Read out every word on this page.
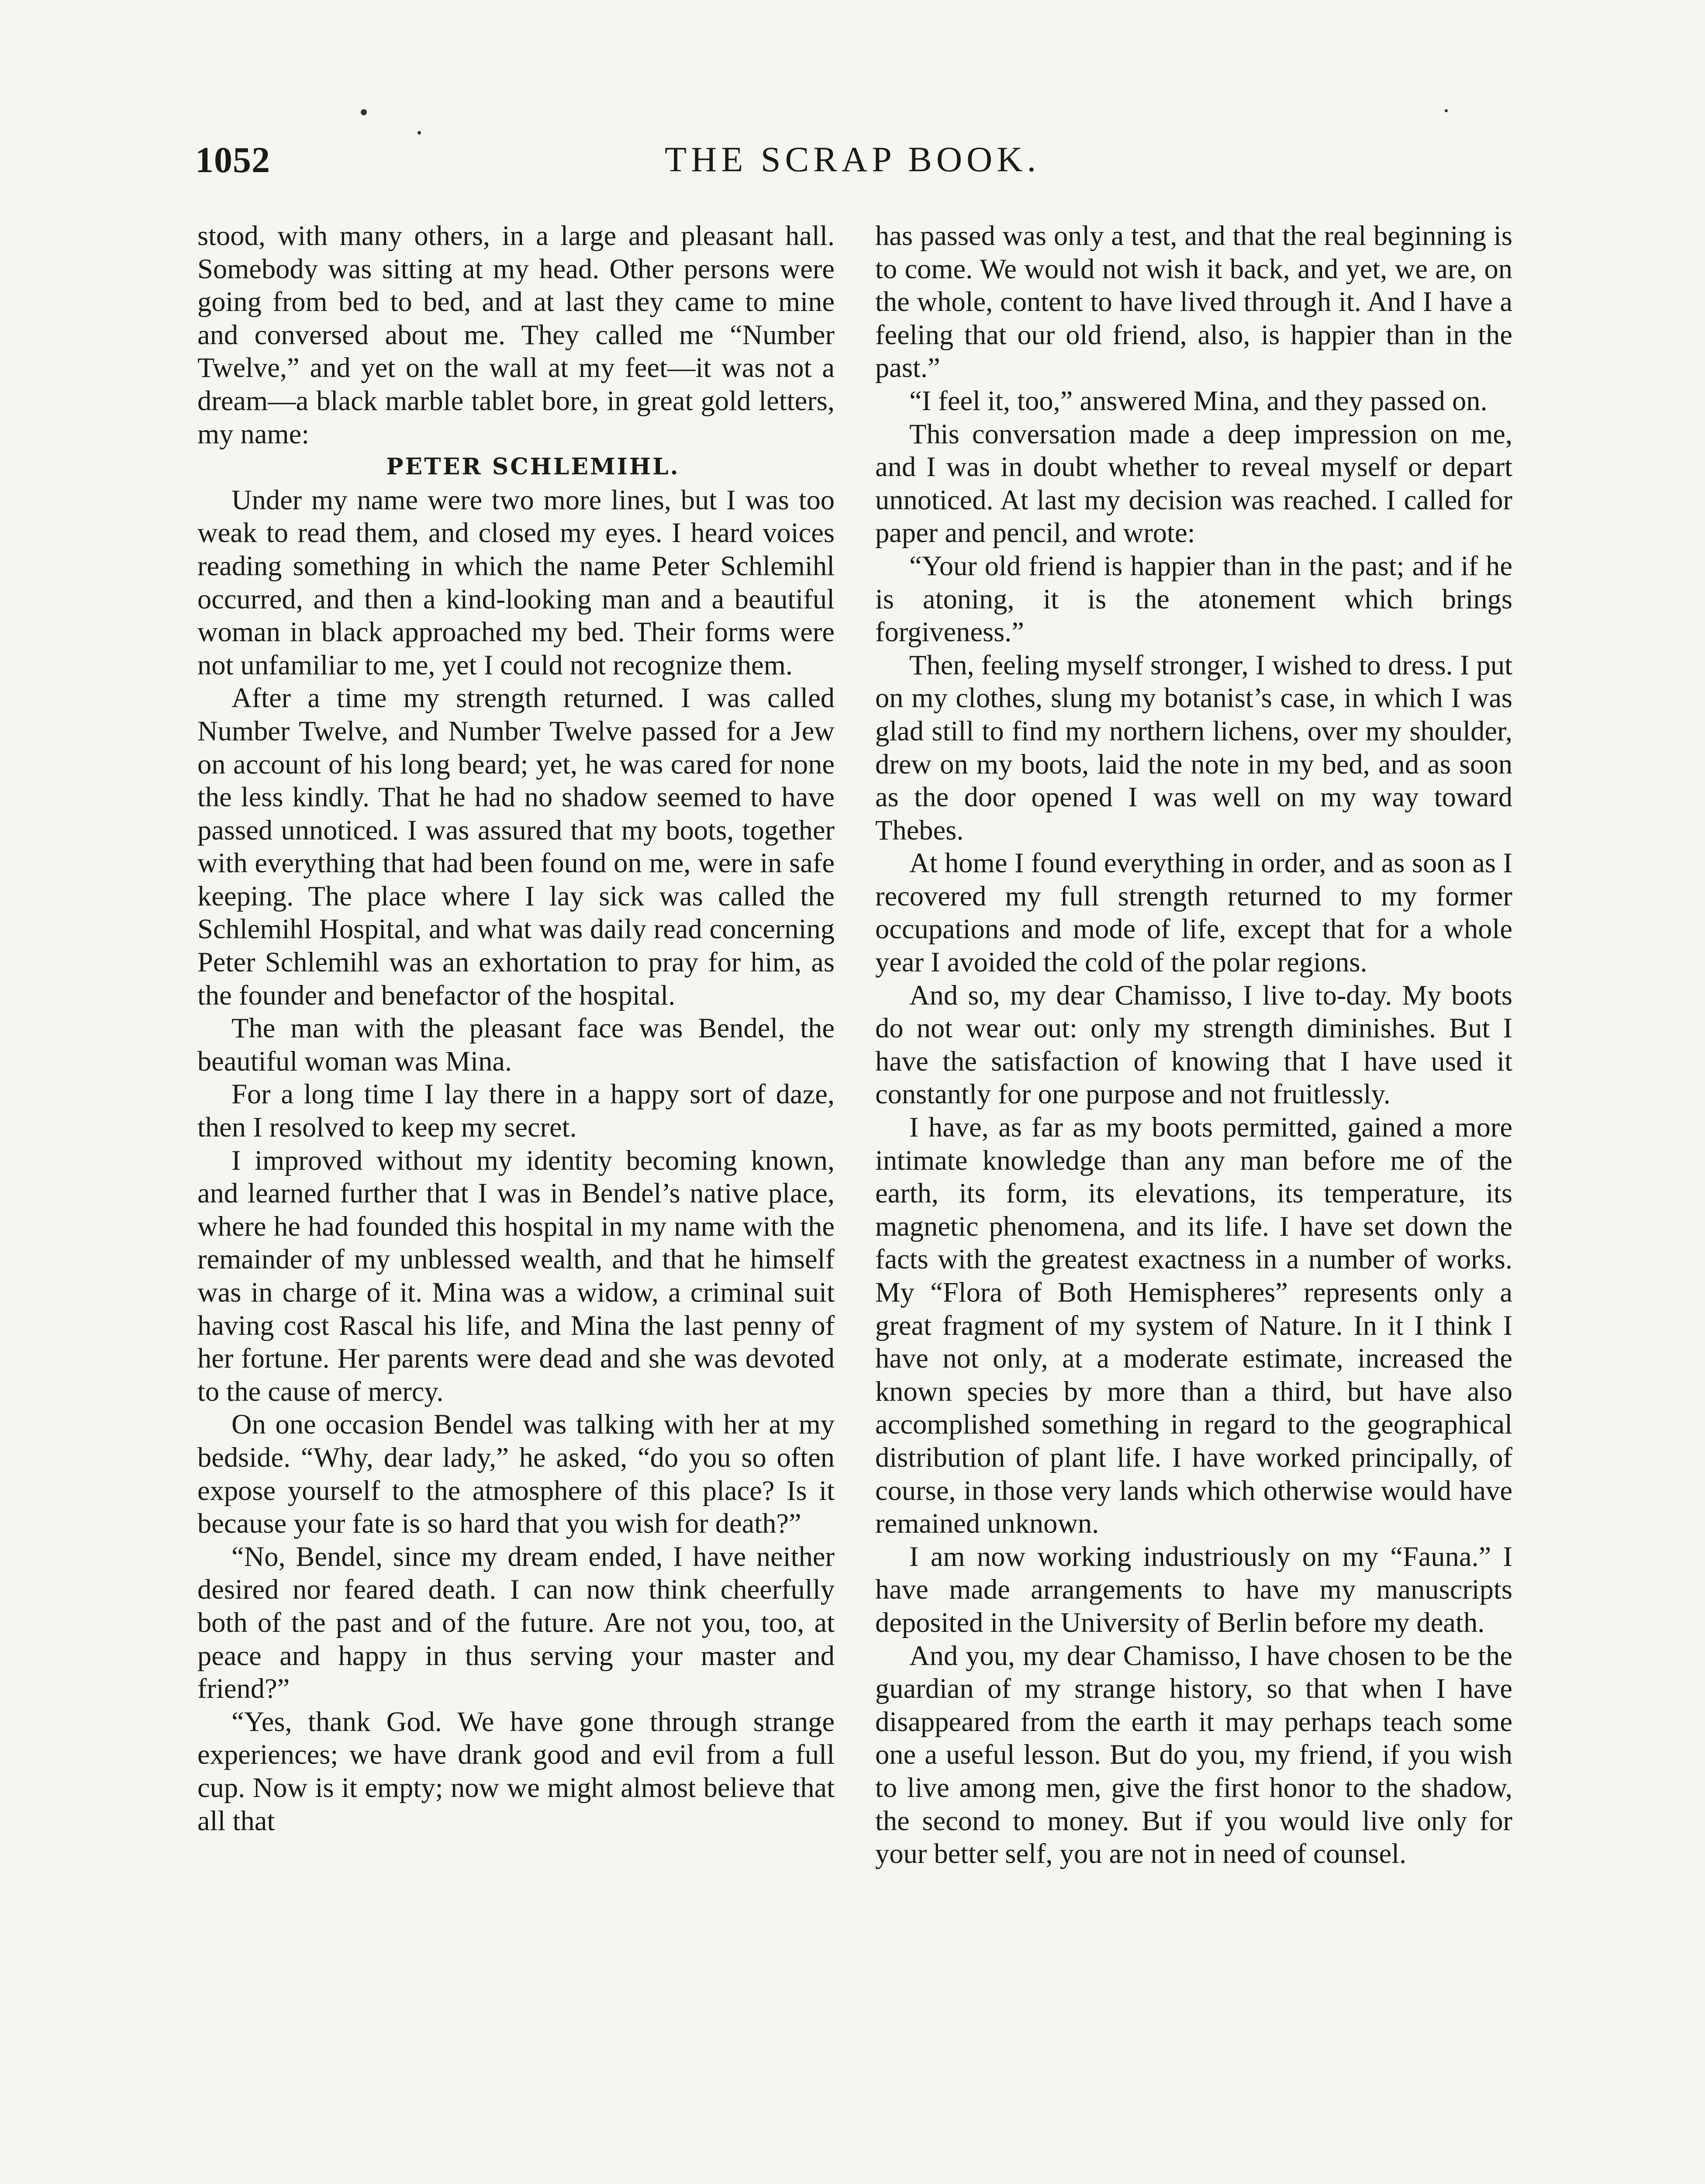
1052	THE SCRAP BOOK.

stood, with many others, in a large and pleasant hall. Somebody was sitting at my head. Other persons were going from bed to bed, and at last they came to mine and conversed about me. They called me “Number Twelve,” and yet on the wall at my feet—it was not a dream—a black marble tablet bore, in great gold letters, my name:

PETER SCHLEMIHL.

Under my name were two more lines, but I was too weak to read them, and closed my eyes. I heard voices reading something in which the name Peter Schlemihl occurred, and then a kind-looking man and a beautiful woman in black approached my bed. Their forms were not unfamiliar to me, yet I could not recognize them.

After a time my strength returned. I was called Number Twelve, and Number Twelve passed for a Jew on account of his long beard; yet, he was cared for none the less kindly. That he had no shadow seemed to have passed unnoticed. I was assured that my boots, together with everything that had been found on me, were in safe keeping. The place where I lay sick was called the Schlemihl Hospital, and what was daily read concerning Peter Schlemihl was an exhortation to pray for him, as the founder and benefactor of the hospital.

The man with the pleasant face was Bendel, the beautiful woman was Mina.

For a long time I lay there in a happy sort of daze, then I resolved to keep my secret.

I improved without my identity becoming known, and learned further that I was in Bendel’s native place, where he had founded this hospital in my name with the remainder of my unblessed wealth, and that he himself was in charge of it. Mina was a widow, a criminal suit having cost Rascal his life, and Mina the last penny of her fortune. Her parents were dead and she was devoted to the cause of mercy.

On one occasion Bendel was talking with her at my bedside. “Why, dear lady,” he asked, “do you so often expose yourself to the atmosphere of this place? Is it because your fate is so hard that you wish for death?”

“No, Bendel, since my dream ended, I have neither desired nor feared death. I can now think cheerfully both of the past and of the future. Are not you, too, at peace and happy in thus serving your master and friend?”

“Yes, thank God. We have gone through strange experiences; we have drank good and evil from a full cup. Now is it empty; now we might almost believe that all that

has passed was only a test, and that the real beginning is to come. We would not wish it back, and yet, we are, on the whole, content to have lived through it. And I have a feeling that our old friend, also, is happier than in the past.”

“I feel it, too,” answered Mina, and they passed on.

This conversation made a deep impression on me, and I was in doubt whether to reveal myself or depart unnoticed. At last my decision was reached. I called for paper and pencil, and wrote:

“Your old friend is happier than in the past; and if he is atoning, it is the atonement which brings forgiveness.”

Then, feeling myself stronger, I wished to dress. I put on my clothes, slung my botanist’s case, in which I was glad still to find my northern lichens, over my shoulder, drew on my boots, laid the note in my bed, and as soon as the door opened I was well on my way toward Thebes.

At home I found everything in order, and as soon as I recovered my full strength returned to my former occupations and mode of life, except that for a whole year I avoided the cold of the polar regions.

And so, my dear Chamisso, I live to-day. My boots do not wear out: only my strength diminishes. But I have the satisfaction of knowing that I have used it constantly for one purpose and not fruitlessly.

I have, as far as my boots permitted, gained a more intimate knowledge than any man before me of the earth, its form, its elevations, its temperature, its magnetic phenomena, and its life. I have set down the facts with the greatest exactness in a number of works. My “Flora of Both Hemispheres” represents only a great fragment of my system of Nature. In it I think I have not only, at a moderate estimate, increased the known species by more than a third, but have also accomplished something in regard to the geographical distribution of plant life. I have worked principally, of course, in those very lands which otherwise would have remained unknown.

I am now working industriously on my “Fauna.” I have made arrangements to have my manuscripts deposited in the University of Berlin before my death.

And you, my dear Chamisso, I have chosen to be the guardian of my strange history, so that when I have disappeared from the earth it may perhaps teach some one a useful lesson. But do you, my friend, if you wish to live among men, give the first honor to the shadow, the second to money. But if you would live only for your better self, you are not in need of counsel.
